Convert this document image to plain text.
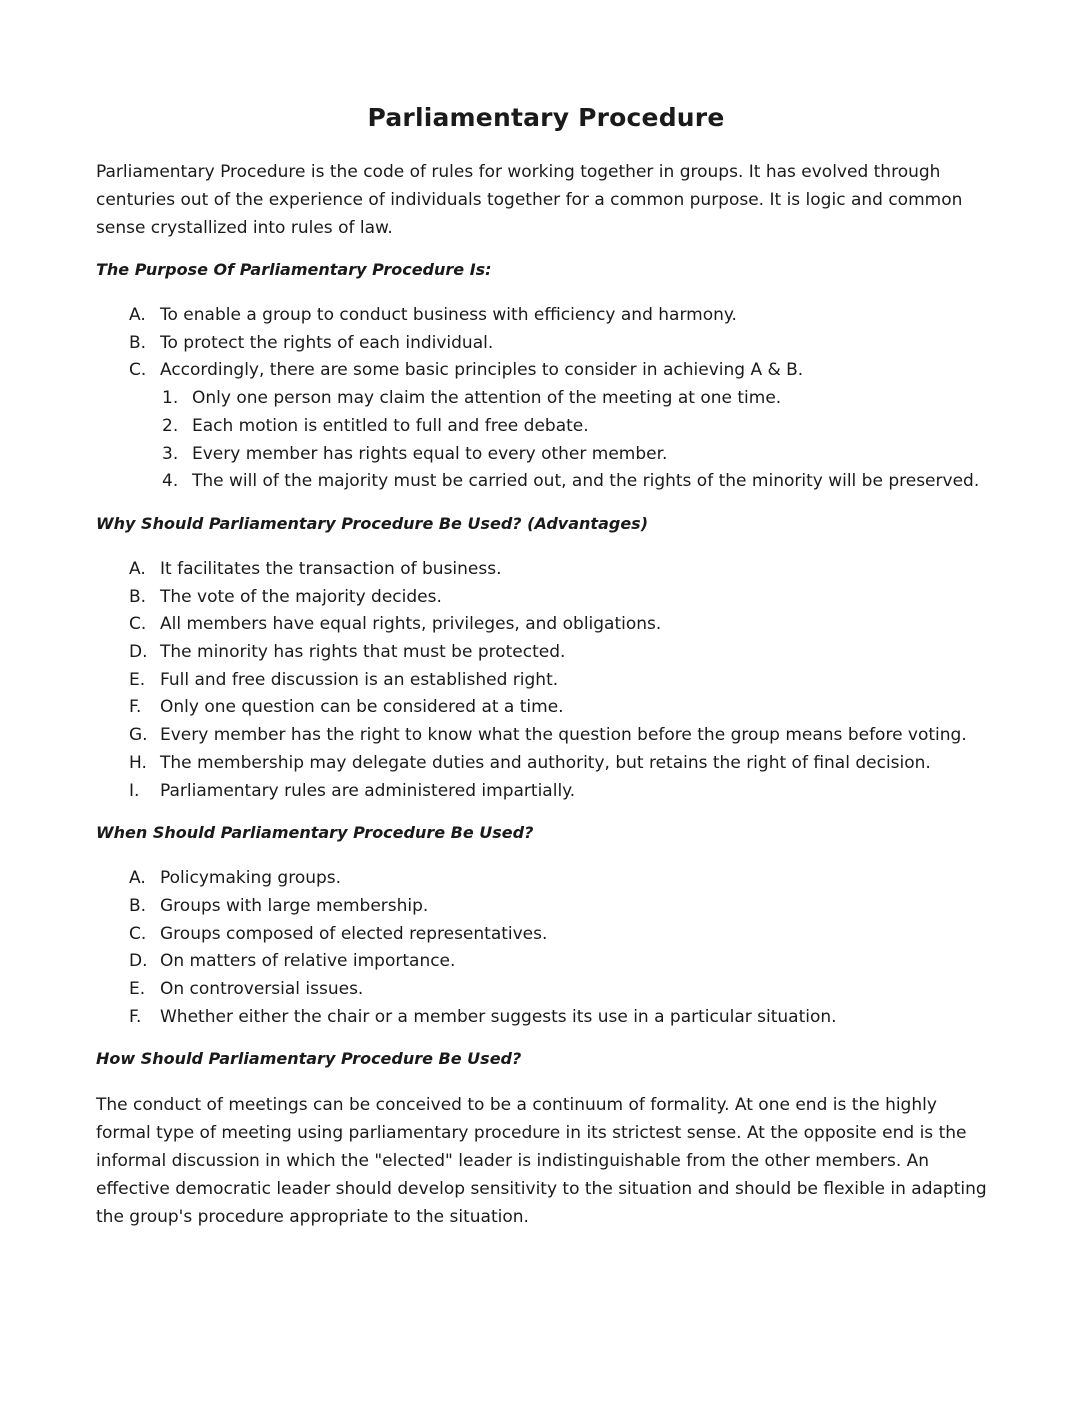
Parliamentary Procedure

Parliamentary Procedure is the code of rules for working together in groups. It has evolved through centuries out of the experience of individuals together for a common purpose. It is logic and common sense crystallized into rules of law.

The Purpose Of Parliamentary Procedure Is:
A. To enable a group to conduct business with efficiency and harmony.
B. To protect the rights of each individual.
C. Accordingly, there are some basic principles to consider in achieving A & B.
1. Only one person may claim the attention of the meeting at one time.
2. Each motion is entitled to full and free debate.
3. Every member has rights equal to every other member.
4. The will of the majority must be carried out, and the rights of the minority will be preserved.
Why Should Parliamentary Procedure Be Used? (Advantages)
A. It facilitates the transaction of business.
B. The vote of the majority decides.
C. All members have equal rights, privileges, and obligations.
D. The minority has rights that must be protected.
E. Full and free discussion is an established right.
F. Only one question can be considered at a time.
G. Every member has the right to know what the question before the group means before voting.
H. The membership may delegate duties and authority, but retains the right of final decision.
I. Parliamentary rules are administered impartially.
When Should Parliamentary Procedure Be Used?
A. Policymaking groups.
B. Groups with large membership.
C. Groups composed of elected representatives.
D. On matters of relative importance.
E. On controversial issues.
F. Whether either the chair or a member suggests its use in a particular situation.
How Should Parliamentary Procedure Be Used?

The conduct of meetings can be conceived to be a continuum of formality. At one end is the highly formal type of meeting using parliamentary procedure in its strictest sense. At the opposite end is the informal discussion in which the "elected" leader is indistinguishable from the other members. An effective democratic leader should develop sensitivity to the situation and should be flexible in adapting the group's procedure appropriate to the situation.
